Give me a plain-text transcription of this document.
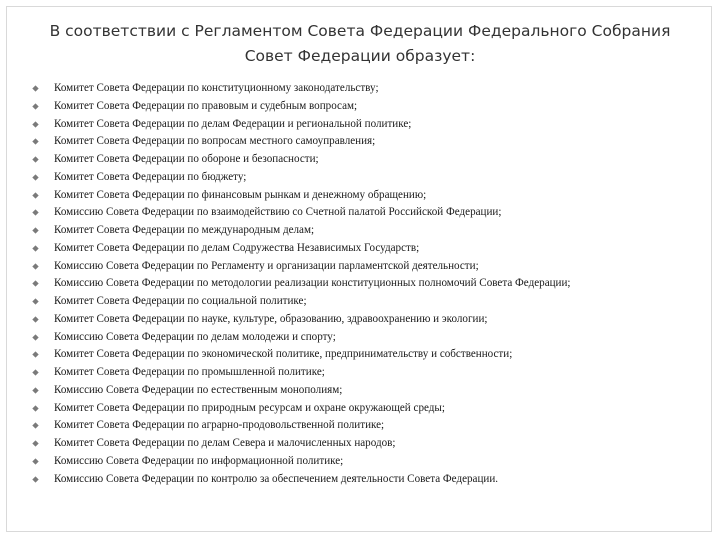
В соответствии с Регламентом Совета Федерации Федерального Собрания
Совет Федерации образует:
Комитет Совета Федерации по конституционному законодательству;
Комитет Совета Федерации по правовым и судебным вопросам;
Комитет Совета Федерации по делам Федерации и региональной политике;
Комитет Совета Федерации по вопросам местного самоуправления;
Комитет Совета Федерации по обороне и безопасности;
Комитет Совета Федерации по бюджету;
Комитет Совета Федерации по финансовым рынкам и денежному обращению;
Комиссию Совета Федерации по взаимодействию со Счетной палатой Российской Федерации;
Комитет Совета Федерации по международным делам;
Комитет Совета Федерации по делам Содружества Независимых Государств;
Комиссию Совета Федерации по Регламенту и организации парламентской деятельности;
Комиссию Совета Федерации по методологии реализации конституционных полномочий Совета Федерации;
Комитет Совета Федерации по социальной политике;
Комитет Совета Федерации по науке, культуре, образованию, здравоохранению и экологии;
Комиссию Совета Федерации по делам молодежи и спорту;
Комитет Совета Федерации по экономической политике, предпринимательству и собственности;
Комитет Совета Федерации по промышленной политике;
Комиссию Совета Федерации по естественным монополиям;
Комитет Совета Федерации по природным ресурсам и охране окружающей среды;
Комитет Совета Федерации по аграрно-продовольственной политике;
Комитет Совета Федерации по делам Севера и малочисленных народов;
Комиссию Совета Федерации по информационной политике;
Комиссию Совета Федерации по контролю за обеспечением деятельности Совета Федерации.
